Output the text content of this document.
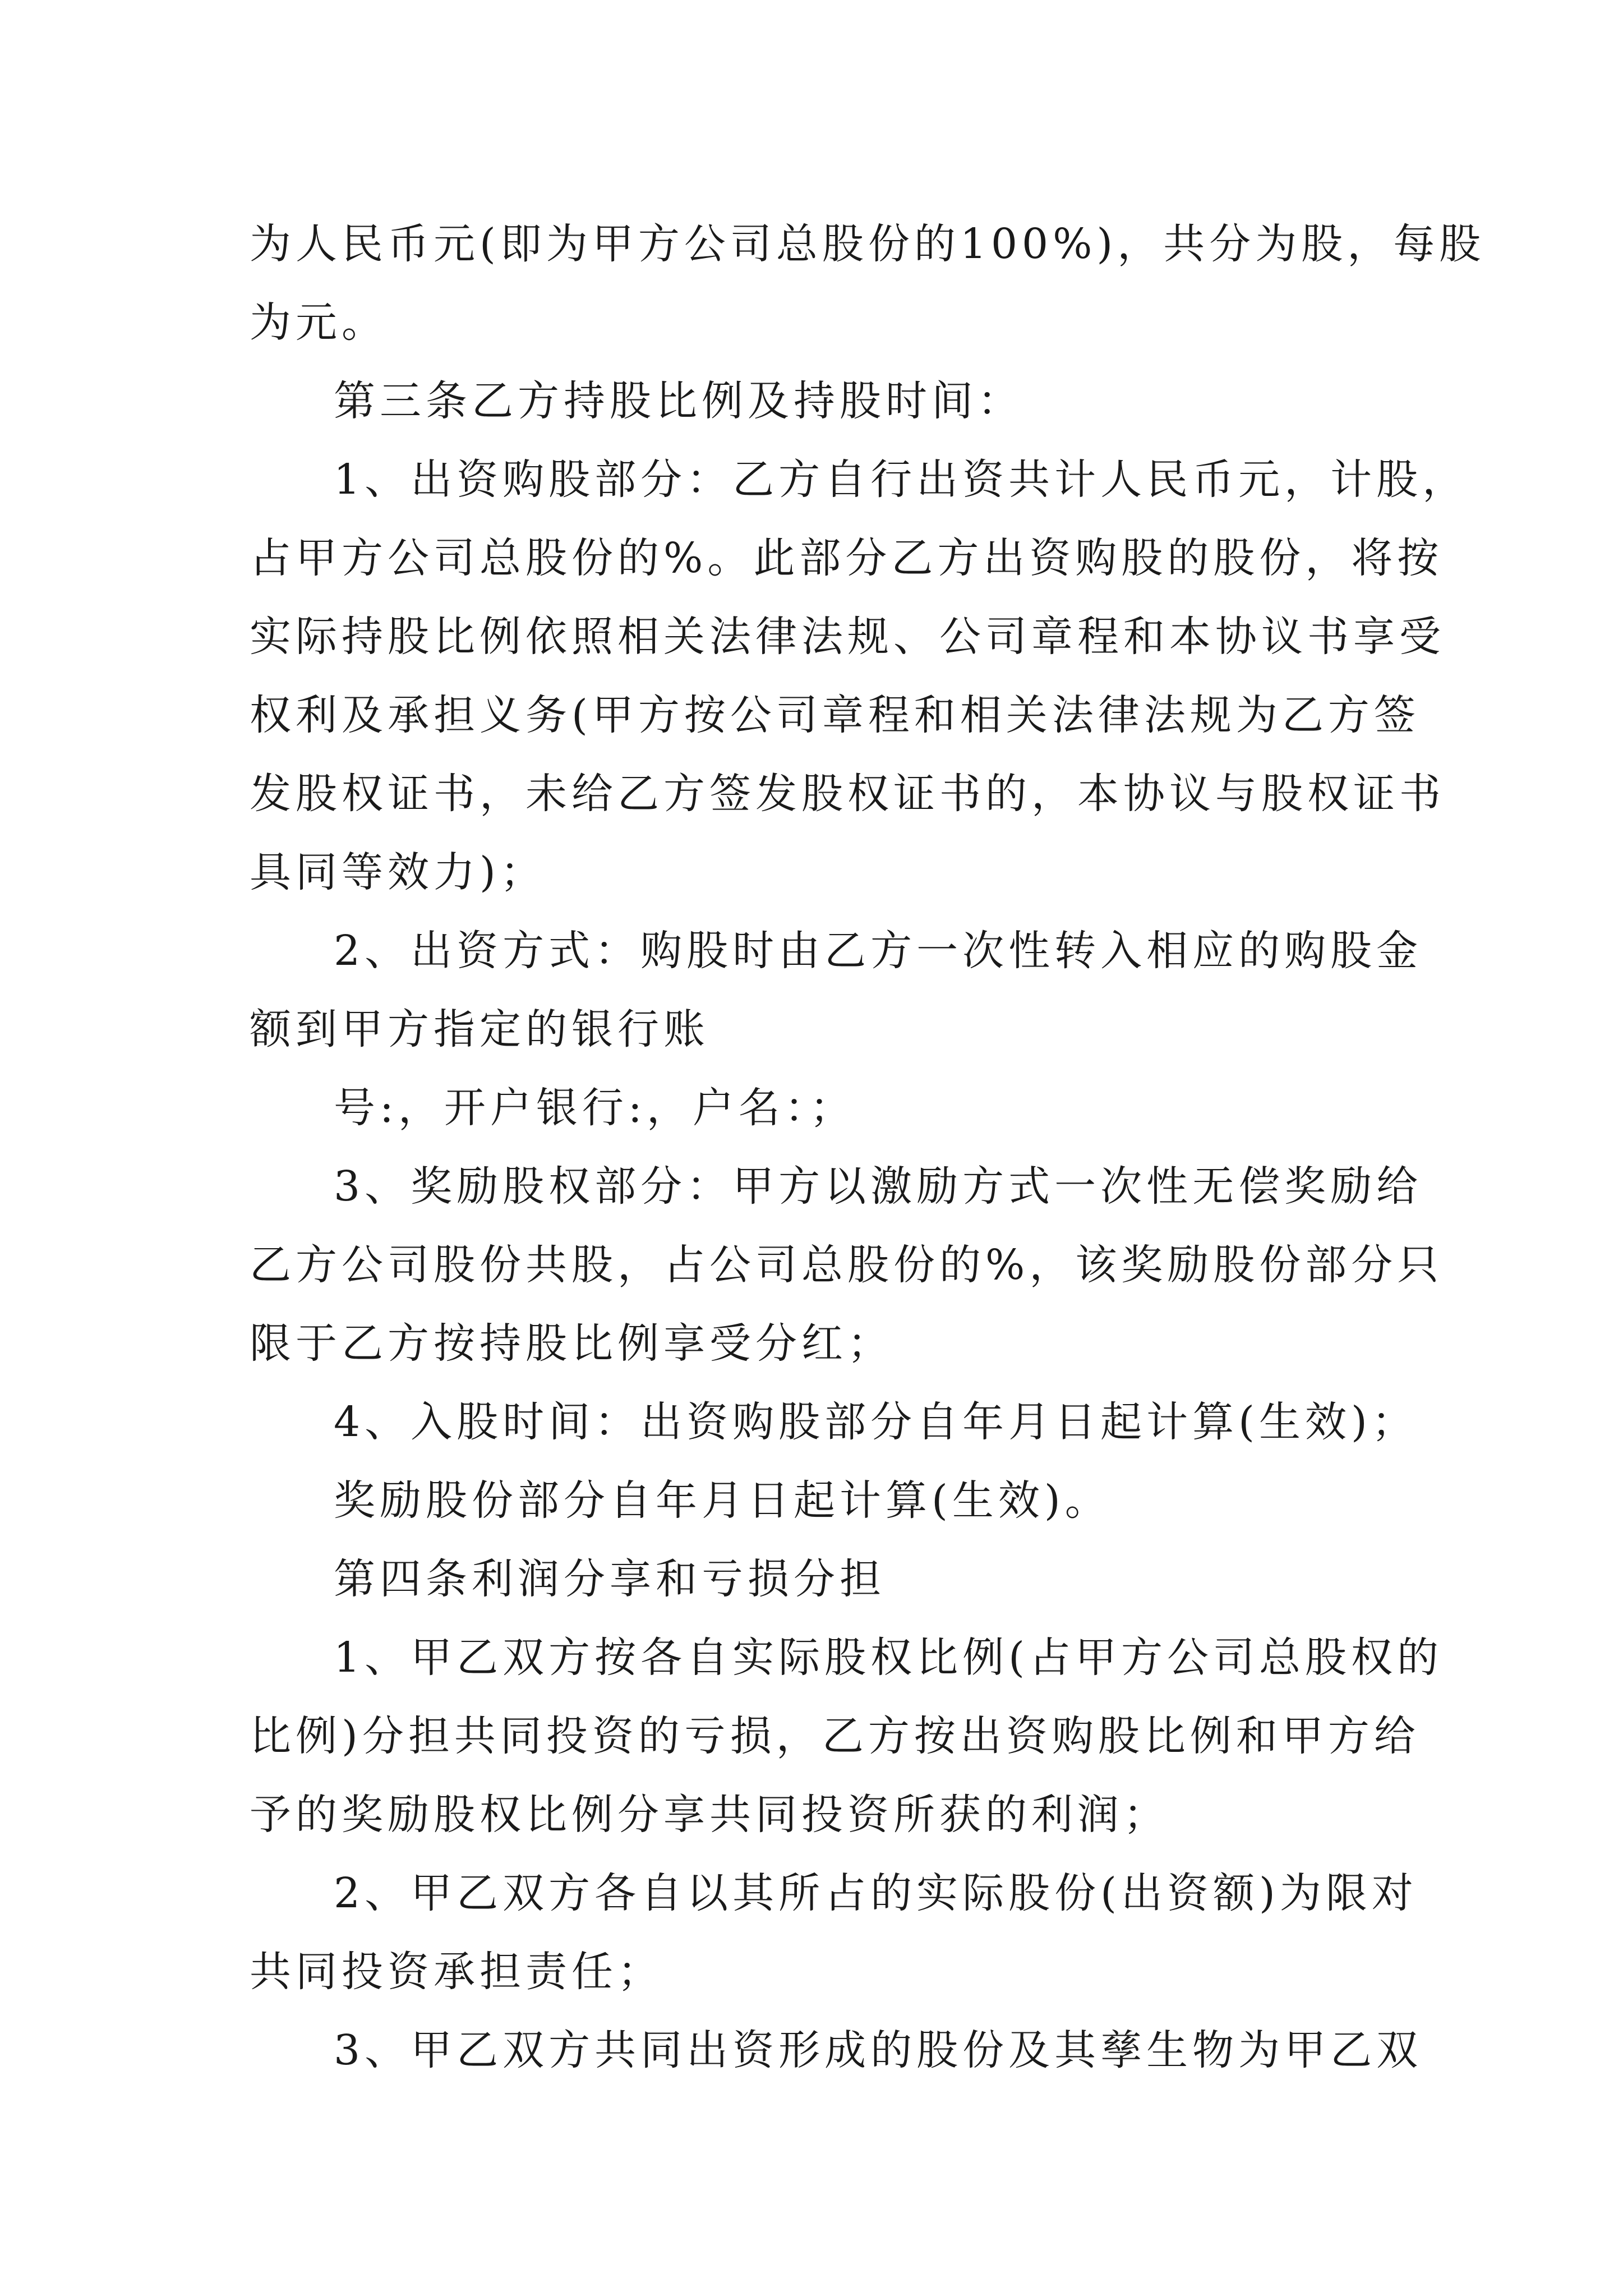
为人民币元(即为甲方公司总股份的100%)，共分为股，每股
为元。
第三条乙方持股比例及持股时间：
1、出资购股部分：乙方自行出资共计人民币元，计股，
占甲方公司总股份的%。此部分乙方出资购股的股份，将按
实际持股比例依照相关法律法规、公司章程和本协议书享受
权利及承担义务(甲方按公司章程和相关法律法规为乙方签
发股权证书，未给乙方签发股权证书的，本协议与股权证书
具同等效力)；
2、出资方式：购股时由乙方一次性转入相应的购股金
额到甲方指定的银行账
号:，开户银行:，户名：；
3、奖励股权部分：甲方以激励方式一次性无偿奖励给
乙方公司股份共股，占公司总股份的%，该奖励股份部分只
限于乙方按持股比例享受分红；
4、入股时间：出资购股部分自年月日起计算(生效)；
奖励股份部分自年月日起计算(生效)。
第四条利润分享和亏损分担
1、甲乙双方按各自实际股权比例(占甲方公司总股权的
比例)分担共同投资的亏损，乙方按出资购股比例和甲方给
予的奖励股权比例分享共同投资所获的利润；
2、甲乙双方各自以其所占的实际股份(出资额)为限对
共同投资承担责任；
3、甲乙双方共同出资形成的股份及其孳生物为甲乙双
